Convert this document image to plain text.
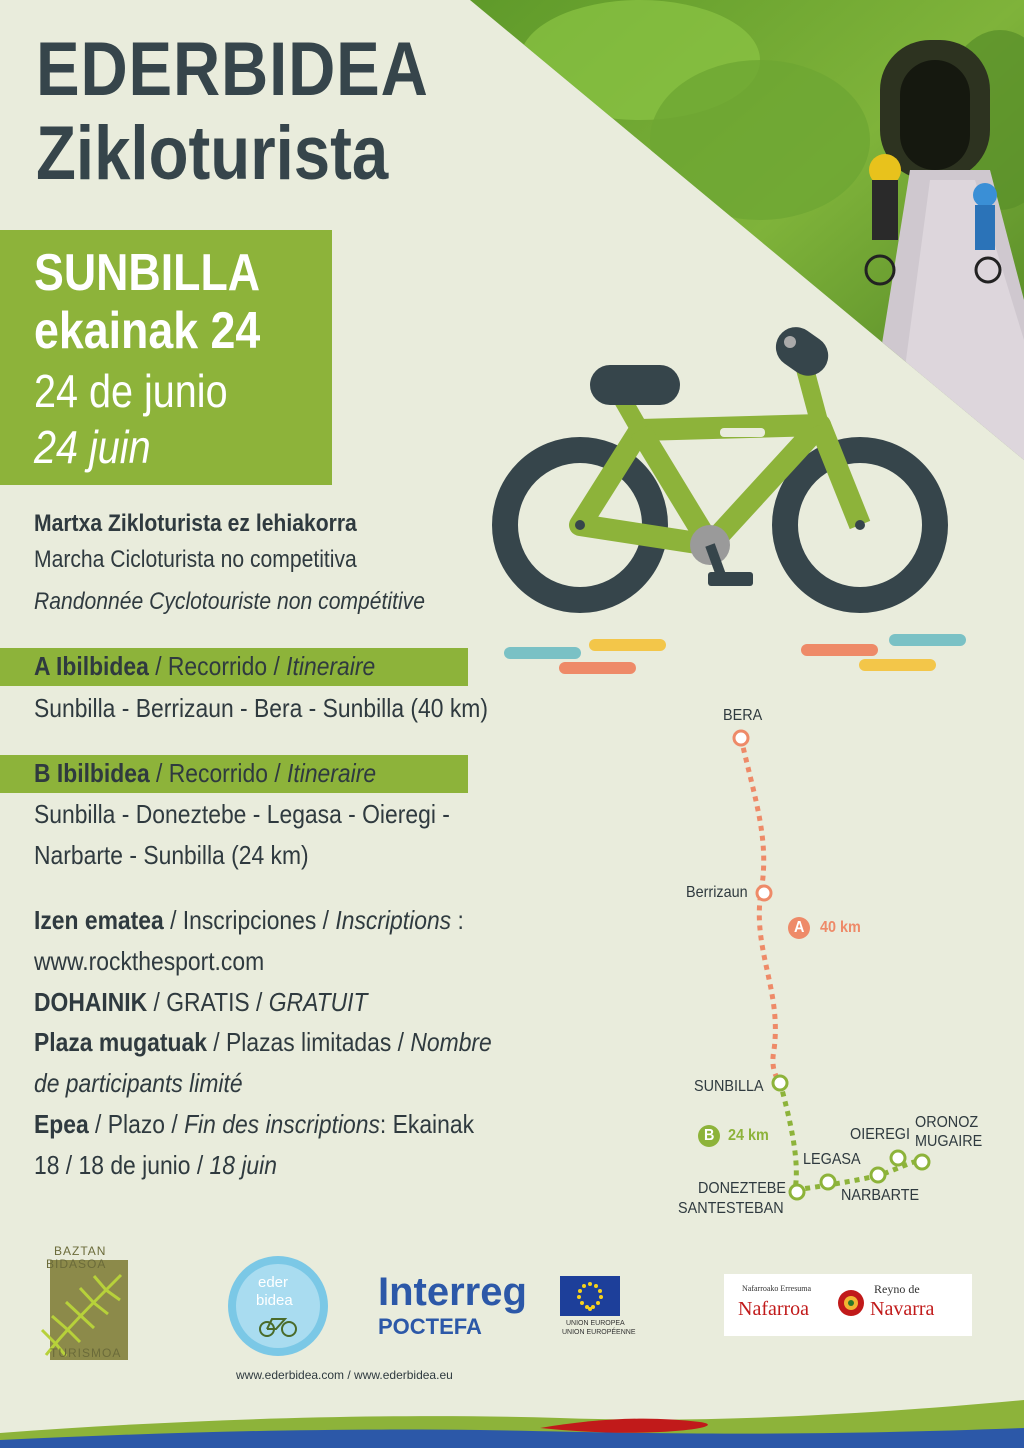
EDERBIDEA
Zikloturista
SUNBILLA
ekainak 24
24 de junio
24 juin
Martxa Zikloturista ez lehiakorra
Marcha Cicloturista no competitiva
Randonnée Cyclotouriste non compétitive
A Ibilbidea / Recorrido / Itineraire
Sunbilla - Berrizaun - Bera - Sunbilla (40 km)
B Ibilbidea / Recorrido / Itineraire
Sunbilla - Doneztebe - Legasa - Oieregi -
Narbarte - Sunbilla (24 km)
Izen ematea / Inscripciones / Inscriptions :
www.rockthesport.com
DOHAINIK / GRATIS / GRATUIT
Plaza mugatuak / Plazas limitadas / Nombre
de participants limité
Epea / Plazo / Fin des inscriptions: Ekainak
18 / 18 de junio / 18 juin
BERA
Berrizaun
A 40 km
SUNBILLA
B 24 km	OIEREGI
ORONOZ
MUGAIRE
LEGASA
DONEZTEBE
SANTESTEBAN
NARBARTE
BAZTAN
BIDASOA
TURISMOA
eder
bidea Interreg
POCTEFA	UNION EUROPEA
UNION EUROPÉENNE
Nafarroako Erresuma
Nafarroa
Reyno de
Navarra
www.ederbidea.com / www.ederbidea.eu
